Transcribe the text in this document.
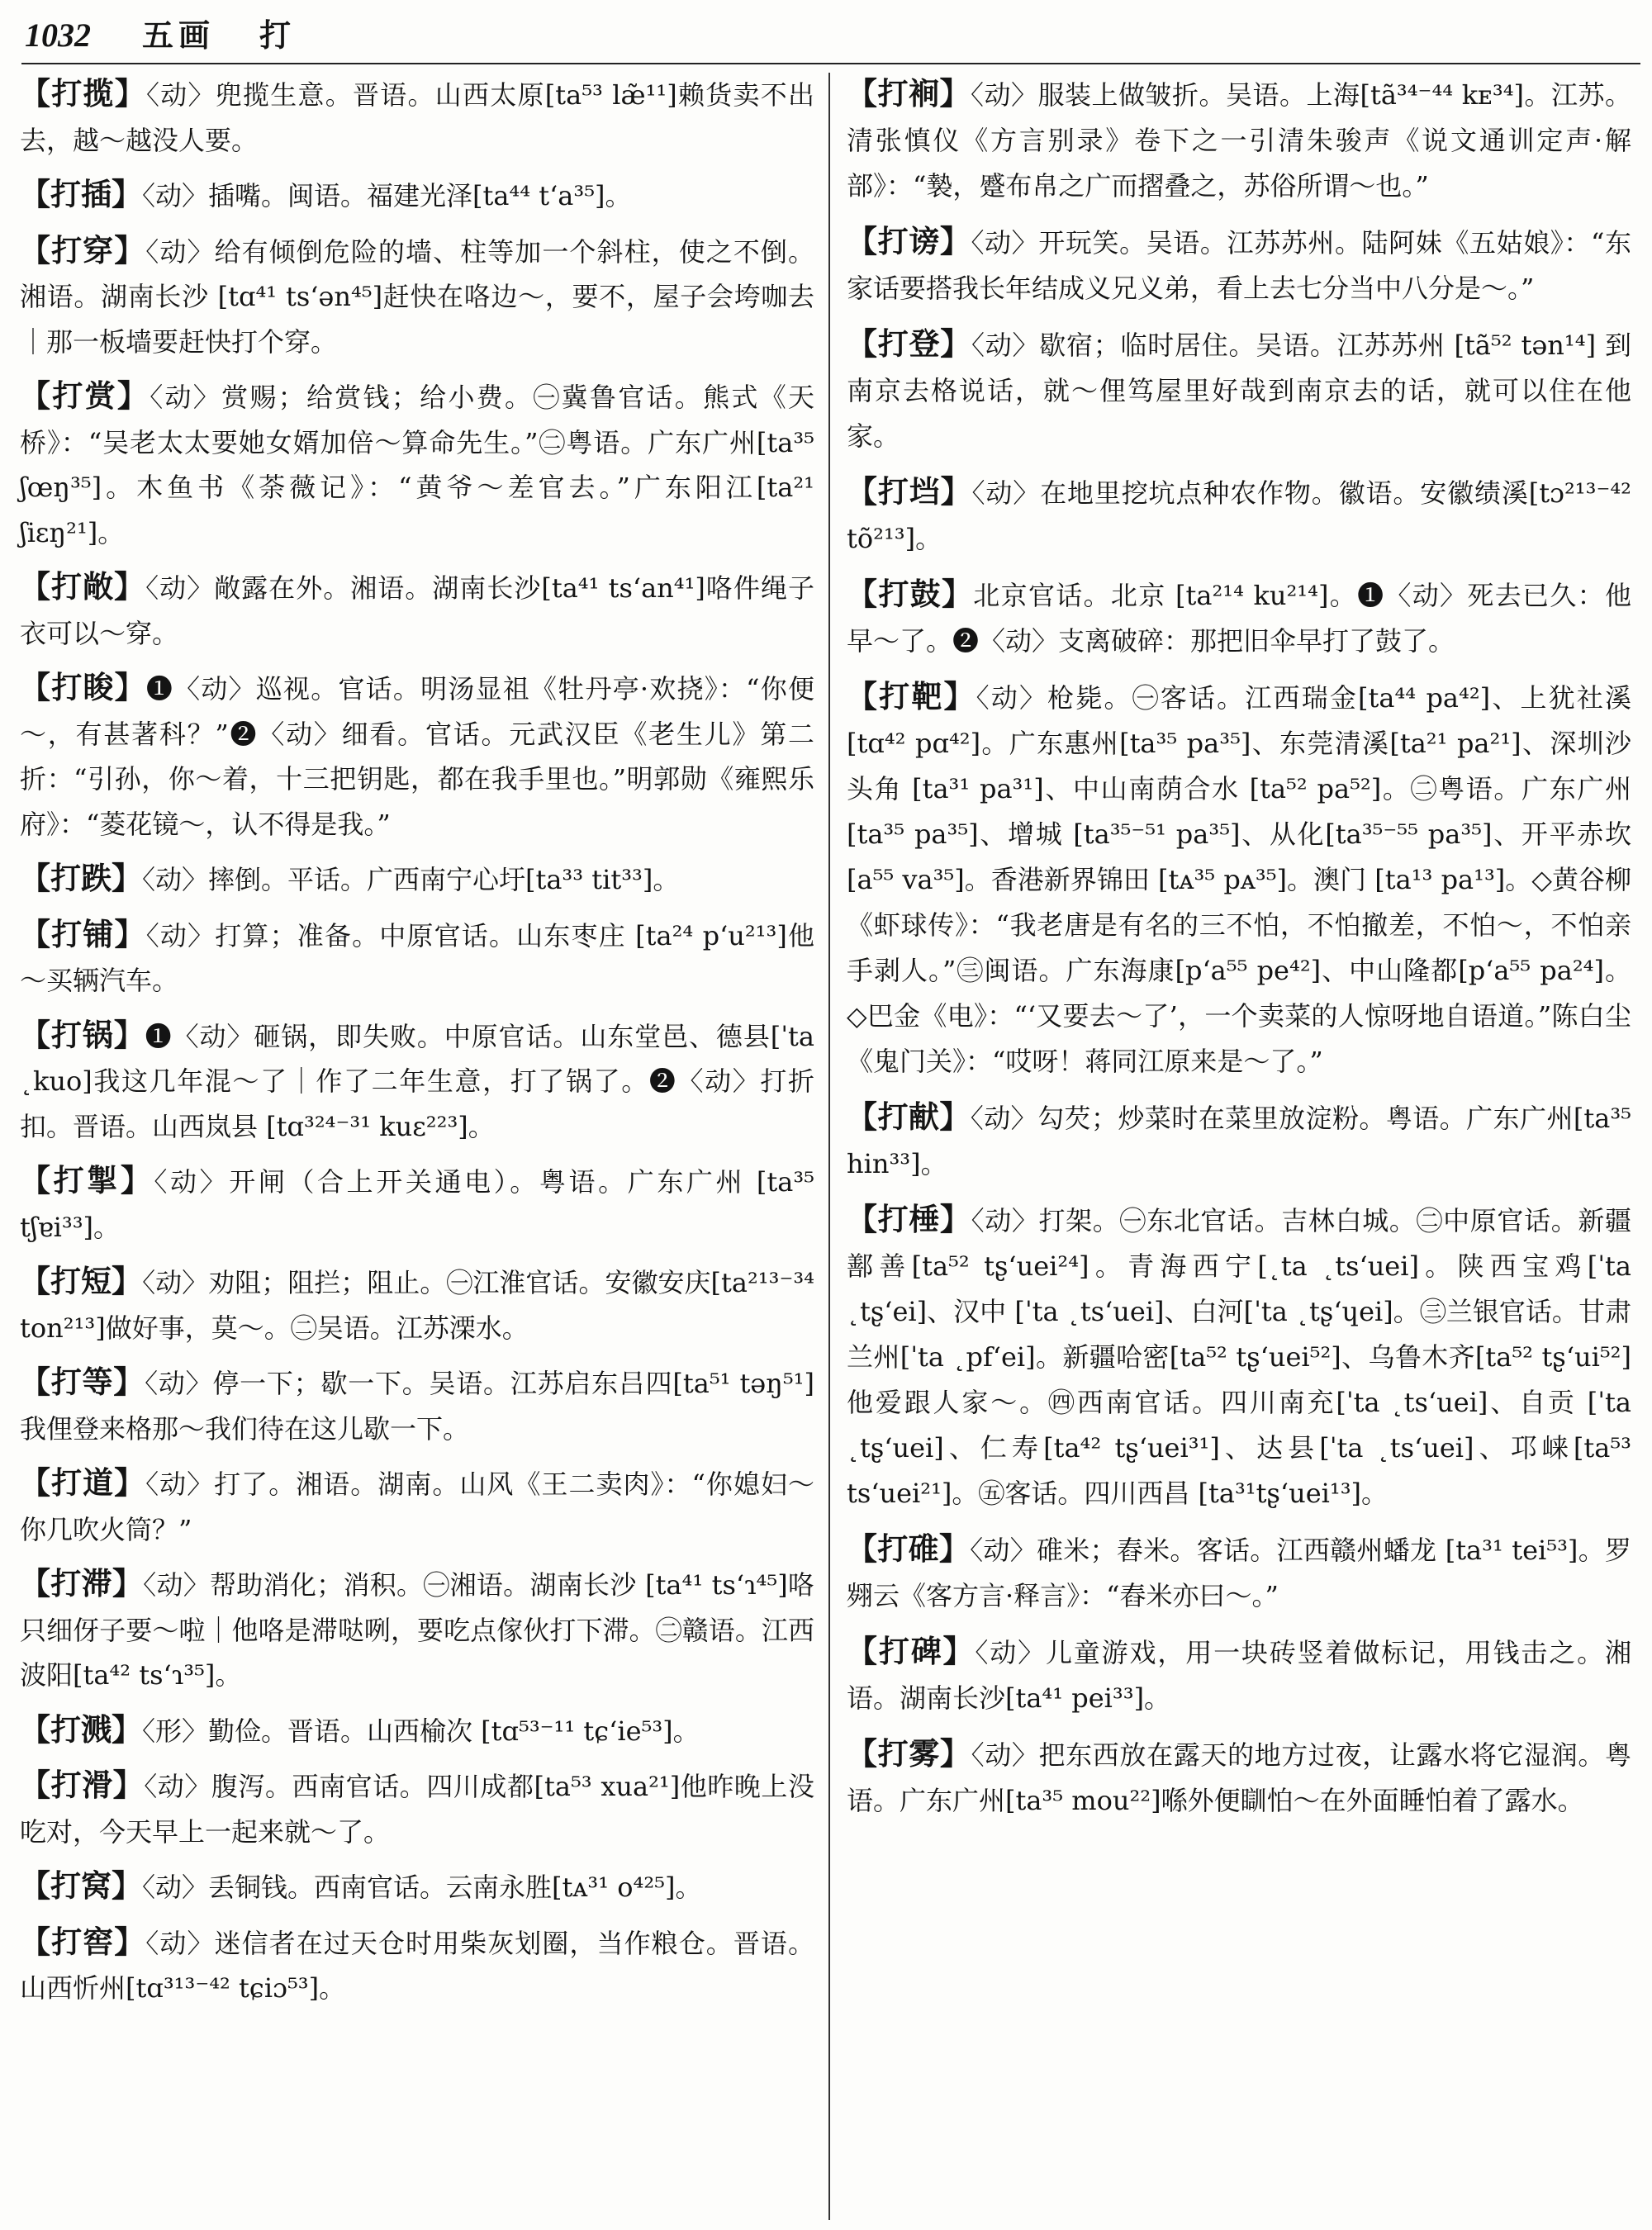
1032 五画 打
【打揽】〈动〉兜揽生意。晋语。山西太原[ta⁵³ læ̃¹¹]赖货卖不出去，越～越没人要。
【打插】〈动〉插嘴。闽语。福建光泽[ta⁴⁴ tʻa³⁵]。
【打穿】〈动〉给有倾倒危险的墙、柱等加一个斜柱，使之不倒。湘语。湖南长沙 [tɑ⁴¹ tsʻən⁴⁵]赶快在咯边～，要不，屋子会垮咖去｜那一板墙要赶快打个穿。
【打赏】〈动〉赏赐；给赏钱；给小费。㊀冀鲁官话。熊式《天桥》：“吴老太太要她女婿加倍～算命先生。”㊁粤语。广东广州[ta³⁵ ʃœŋ³⁵]。木鱼书《荼薇记》：“黄爷～差官去。”广东阳江[ta²¹ ʃiɛŋ²¹]。
【打敞】〈动〉敞露在外。湘语。湖南长沙[ta⁴¹ tsʻan⁴¹]咯件绳子衣可以～穿。
【打睃】❶〈动〉巡视。官话。明汤显祖《牡丹亭·欢挠》：“你便～，有甚著科？”❷〈动〉细看。官话。元武汉臣《老生儿》第二折：“引孙，你～着，十三把钥匙，都在我手里也。”明郭勋《雍熙乐府》：“菱花镜～，认不得是我。”
【打跌】〈动〉摔倒。平话。广西南宁心圩[ta³³ tit³³]。
【打铺】〈动〉打算；准备。中原官话。山东枣庄 [ta²⁴ pʻu²¹³]他～买辆汽车。
【打锅】❶〈动〉砸锅，即失败。中原官话。山东堂邑、德县[ˈta ˛kuo]我这几年混～了｜作了二年生意，打了锅了。❷〈动〉打折扣。晋语。山西岚县 [tɑ³²⁴⁻³¹ kuɛ²²³]。
【打掣】〈动〉开闸（合上开关通电）。粤语。广东广州 [ta³⁵ tʃɐi³³]。
【打短】〈动〉劝阻；阻拦；阻止。㊀江淮官话。安徽安庆[ta²¹³⁻³⁴ ton²¹³]做好事，莫～。㊁吴语。江苏溧水。
【打等】〈动〉停一下；歇一下。吴语。江苏启东吕四[ta⁵¹ təŋ⁵¹]我俚登来格那～我们待在这儿歇一下。
【打道】〈动〉打了。湘语。湖南。山风《王二卖肉》：“你媳妇～你几吹火筒？”
【打滞】〈动〉帮助消化；消积。㊀湘语。湖南长沙 [ta⁴¹ tsʻɿ⁴⁵]咯只细伢子要～啦｜他咯是滞哒咧，要吃点傢伙打下滞。㊁赣语。江西波阳[ta⁴² tsʻɿ³⁵]。
【打溅】〈形〉勤俭。晋语。山西榆次 [tɑ⁵³⁻¹¹ tɕʻie⁵³]。
【打滑】〈动〉腹泻。西南官话。四川成都[ta⁵³ xua²¹]他昨晚上没吃对，今天早上一起来就～了。
【打窝】〈动〉丢铜钱。西南官话。云南永胜[tᴀ³¹ o⁴²⁵]。
【打窖】〈动〉迷信者在过天仓时用柴灰划圈，当作粮仓。晋语。山西忻州[tɑ³¹³⁻⁴² tɕiɔ⁵³]。
【打裥】〈动〉服装上做皱折。吴语。上海[tã³⁴⁻⁴⁴ kᴇ³⁴]。江苏。清张慎仪《方言别录》卷下之一引清朱骏声《说文通训定声·解部》：“褺，蹙布帛之广而摺叠之，苏俗所谓～也。”
【打谤】〈动〉开玩笑。吴语。江苏苏州。陆阿妹《五姑娘》：“东家话要搭我长年结成义兄义弟，看上去七分当中八分是～。”
【打登】〈动〉歇宿；临时居住。吴语。江苏苏州 [tã⁵² tən¹⁴] 到南京去格说话，就～俚笃屋里好哉到南京去的话，就可以住在他家。
【打垱】〈动〉在地里挖坑点种农作物。徽语。安徽绩溪[tɔ²¹³⁻⁴² tõ²¹³]。
【打鼓】北京官话。北京 [ta²¹⁴ ku²¹⁴]。❶〈动〉死去已久：他早～了。❷〈动〉支离破碎：那把旧伞早打了鼓了。
【打靶】〈动〉枪毙。㊀客话。江西瑞金[ta⁴⁴ pa⁴²]、上犹社溪[tɑ⁴² pɑ⁴²]。广东惠州[ta³⁵ pa³⁵]、东莞清溪[ta²¹ pa²¹]、深圳沙头角 [ta³¹ pa³¹]、中山南荫合水 [ta⁵² pa⁵²]。㊁粤语。广东广州 [ta³⁵ pa³⁵]、增城 [ta³⁵⁻⁵¹ pa³⁵]、从化[ta³⁵⁻⁵⁵ pa³⁵]、开平赤坎 [a⁵⁵ va³⁵]。香港新界锦田 [tᴀ³⁵ pᴀ³⁵]。澳门 [ta¹³ pa¹³]。◇黄谷柳《虾球传》：“我老唐是有名的三不怕，不怕撤差，不怕～，不怕亲手剥人。”㊂闽语。广东海康[pʻa⁵⁵ pe⁴²]、中山隆都[pʻa⁵⁵ pa²⁴]。◇巴金《电》：“‘又要去～了’，一个卖菜的人惊呀地自语道。”陈白尘《鬼门关》：“哎呀！蒋同江原来是～了。”
【打献】〈动〉勾芡；炒菜时在菜里放淀粉。粤语。广东广州[ta³⁵ hin³³]。
【打棰】〈动〉打架。㊀东北官话。吉林白城。㊁中原官话。新疆鄯善[ta⁵² tʂʻuei²⁴]。青海西宁[˛ta ˛tsʻuei]。陕西宝鸡[ˈta ˛tʂʻei]、汉中 [ˈta ˛tsʻuei]、白河[ˈta ˛tʂʻɥei]。㊂兰银官话。甘肃兰州[ˈta ˛pfʻei]。新疆哈密[ta⁵² tʂʻuei⁵²]、乌鲁木齐[ta⁵² tʂʻui⁵²]他爱跟人家～。㊃西南官话。四川南充[ˈta ˛tsʻuei]、自贡 [ˈta ˛tʂʻuei]、仁寿[ta⁴² tʂʻuei³¹]、达县[ˈta ˛tsʻuei]、邛崃[ta⁵³ tsʻuei²¹]。㊄客话。四川西昌 [ta³¹tʂʻuei¹³]。
【打碓】〈动〉碓米；舂米。客话。江西赣州蟠龙 [ta³¹ tei⁵³]。罗翙云《客方言·释言》：“舂米亦曰～。”
【打碑】〈动〉儿童游戏，用一块砖竖着做标记，用钱击之。湘语。湖南长沙[ta⁴¹ pei³³]。
【打雾】〈动〉把东西放在露天的地方过夜，让露水将它湿润。粤语。广东广州[ta³⁵ mou²²]喺外便瞓怕～在外面睡怕着了露水。
